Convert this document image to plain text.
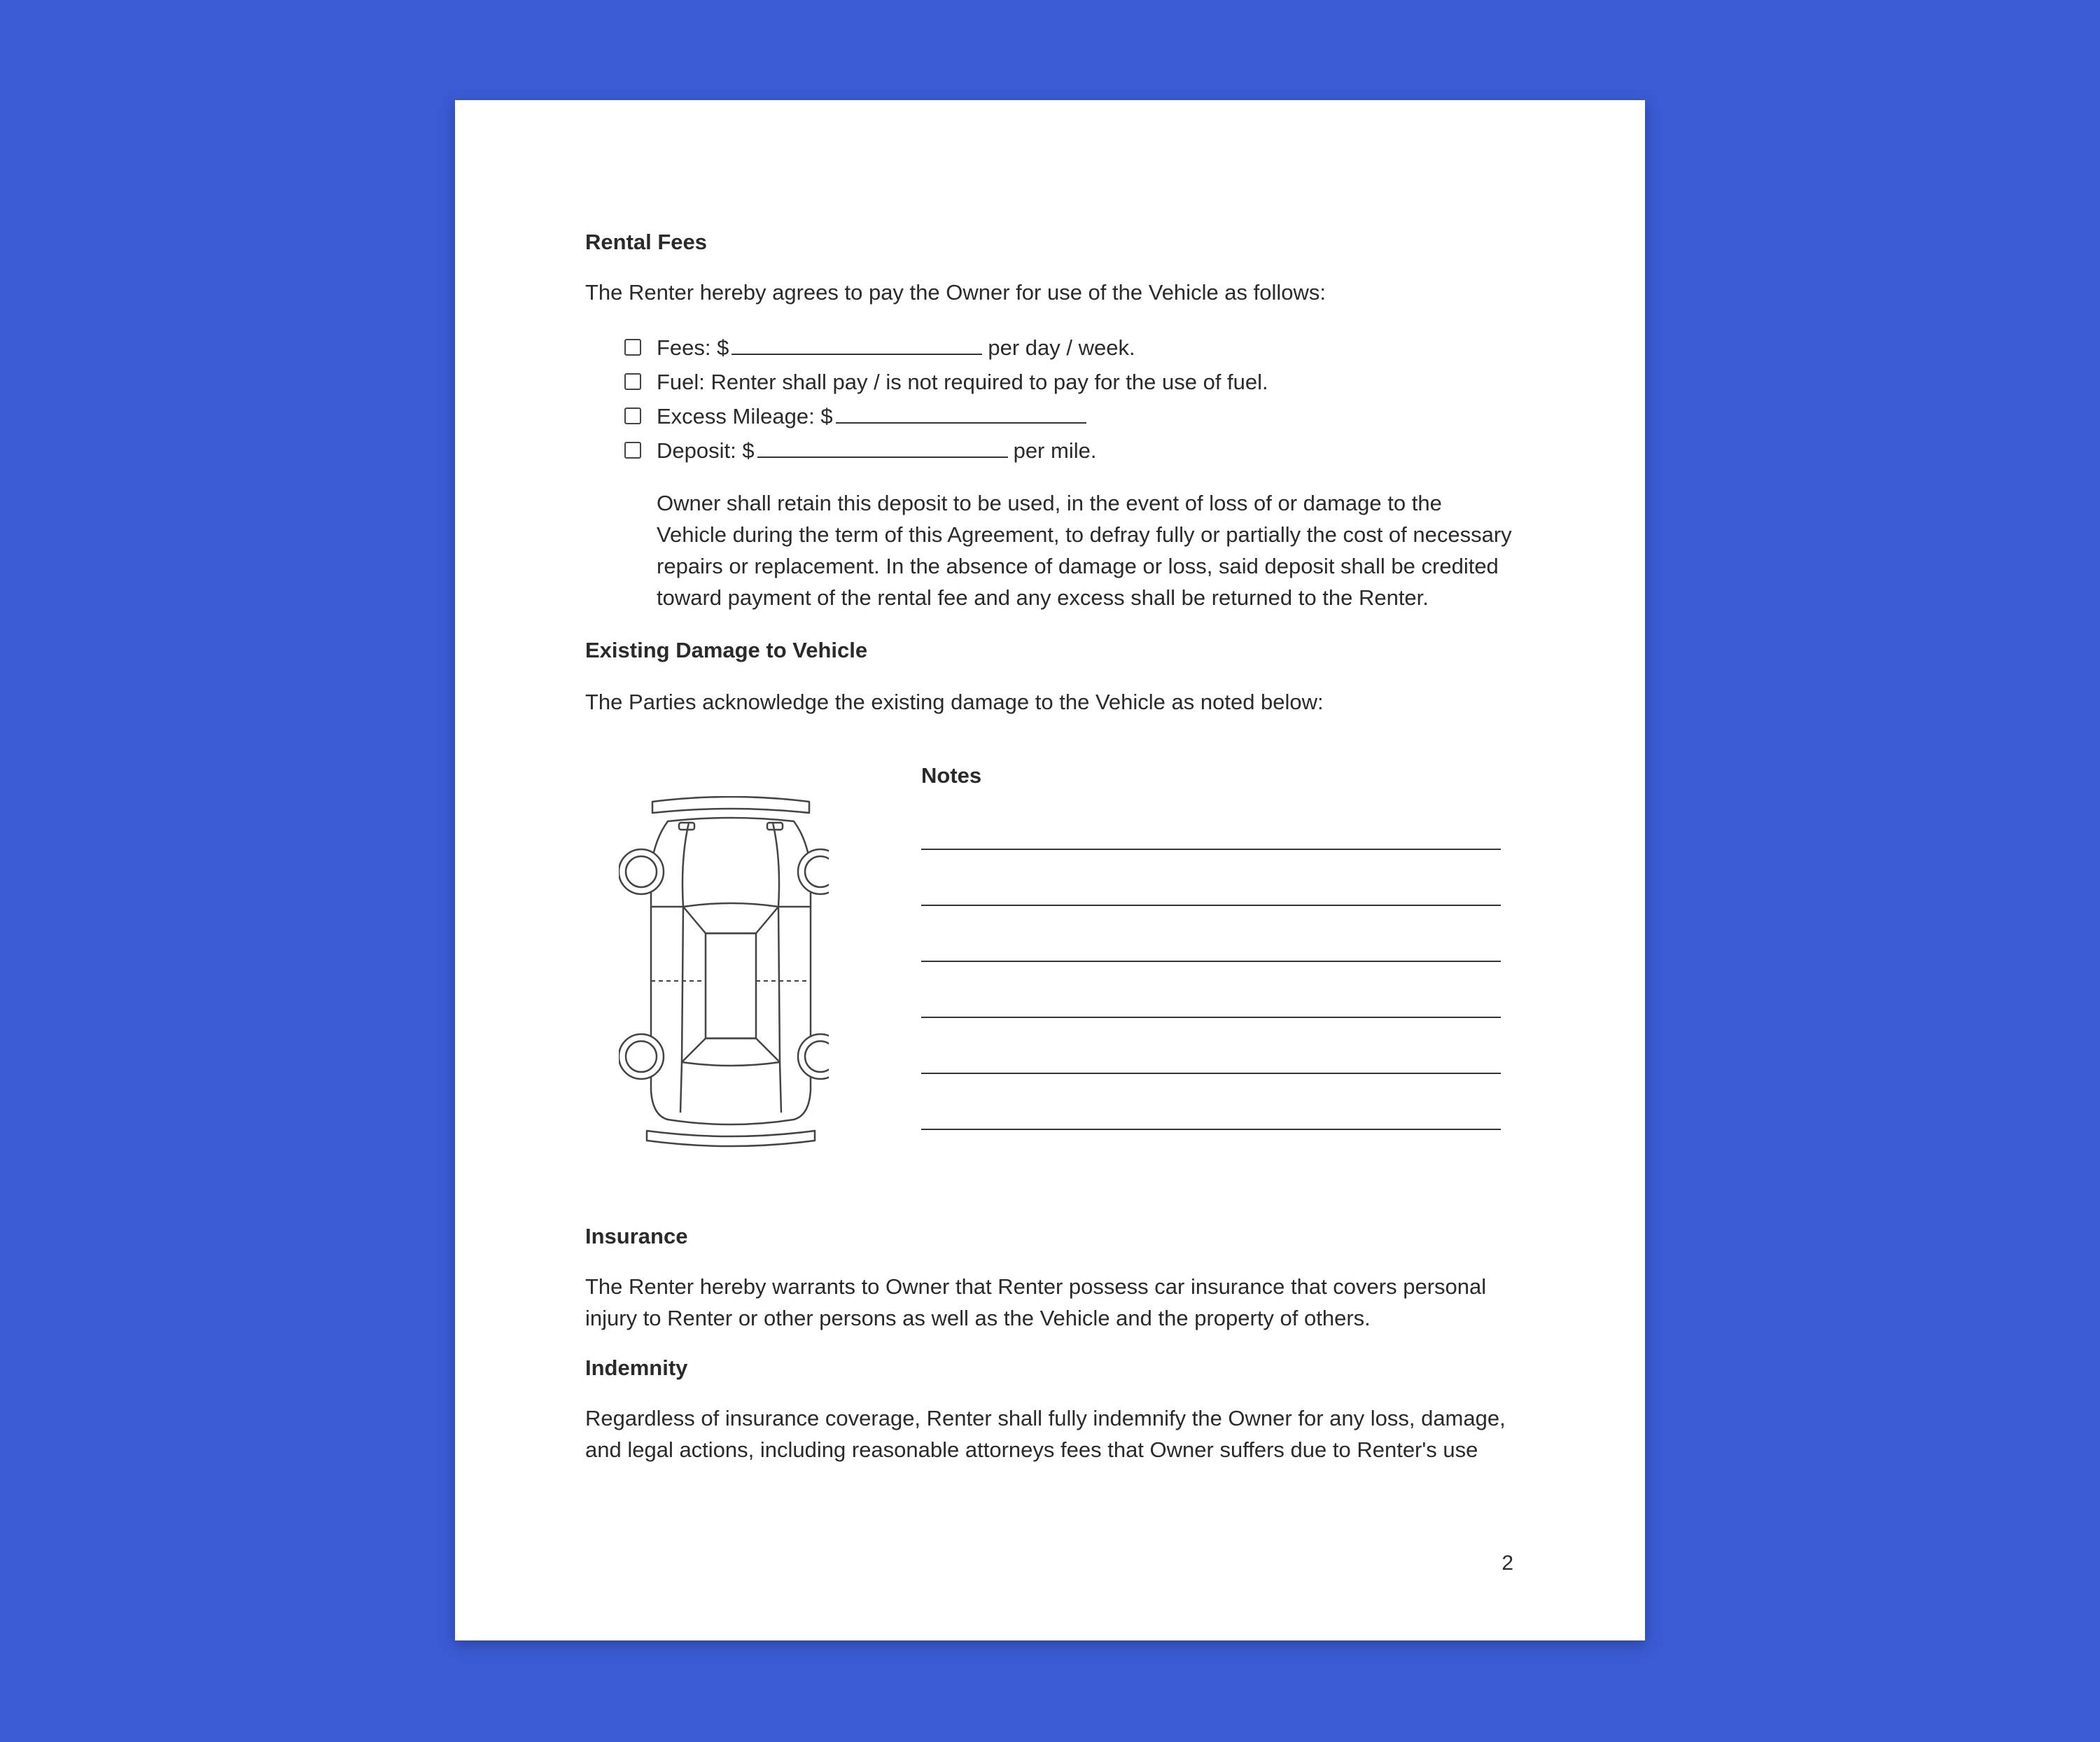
Rental Fees

The Renter hereby agrees to pay the Owner for use of the Vehicle as follows:

Fees: $	per day / week.
Fuel: Renter shall pay / is not required to pay for the use of fuel.
Excess Mileage: $
Deposit: $	per mile.

Owner shall retain this deposit to be used, in the event of loss of or damage to the Vehicle during the term of this Agreement, to defray fully or partially the cost of necessary repairs or replacement. In the absence of damage or loss, said deposit shall be credited toward payment of the rental fee and any excess shall be returned to the Renter.

Existing Damage to Vehicle

The Parties acknowledge the existing damage to the Vehicle as noted below:

Notes

Insurance

The Renter hereby warrants to Owner that Renter possess car insurance that covers personal injury to Renter or other persons as well as the Vehicle and the property of others.

Indemnity

Regardless of insurance coverage, Renter shall fully indemnify the Owner for any loss, damage, and legal actions, including reasonable attorneys fees that Owner suffers due to Renter's use

2
